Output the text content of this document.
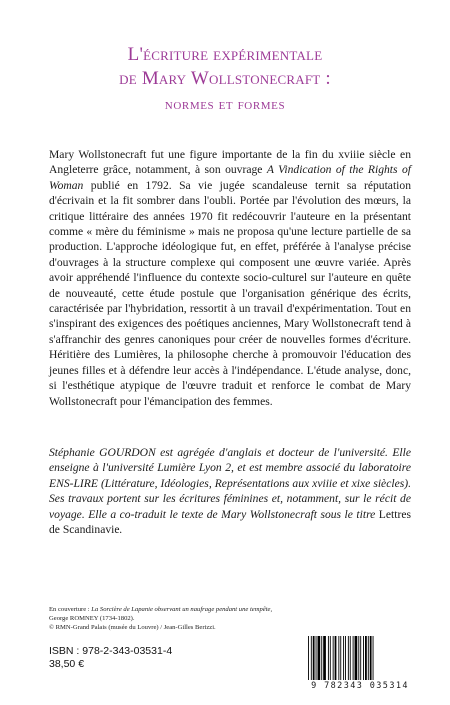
L'écriture expérimentale
de Mary Wollstonecraft :
normes et formes

Mary Wollstonecraft fut une figure importante de la fin du xviiie siècle en Angleterre grâce, notamment, à son ouvrage A Vindication of the Rights of Woman publié en 1792. Sa vie jugée scandaleuse ternit sa réputation d'écrivain et la fit sombrer dans l'oubli. Portée par l'évolution des mœurs, la critique littéraire des années 1970 fit redécouvrir l'auteure en la présentant comme « mère du féminisme » mais ne proposa qu'une lecture partielle de sa production. L'approche idéologique fut, en effet, préférée à l'analyse précise d'ouvrages à la structure complexe qui composent une œuvre variée. Après avoir appréhendé l'influence du contexte socio-culturel sur l'auteure en quête de nouveauté, cette étude postule que l'organisation générique des écrits, caractérisée par l'hybridation, ressortit à un travail d'expérimentation. Tout en s'inspirant des exigences des poétiques anciennes, Mary Wollstonecraft tend à s'affranchir des genres canoniques pour créer de nouvelles formes d'écriture. Héritière des Lumières, la philosophe cherche à promouvoir l'éducation des jeunes filles et à défendre leur accès à l'indépendance. L'étude analyse, donc, si l'esthétique atypique de l'œuvre traduit et renforce le combat de Mary Wollstonecraft pour l'émancipation des femmes.

Stéphanie GOURDON est agrégée d'anglais et docteur de l'université. Elle enseigne à l'université Lumière Lyon 2, et est membre associé du laboratoire ENS-LIRE (Littérature, Idéologies, Représentations aux xviiie et xixe siècles). Ses travaux portent sur les écritures féminines et, notamment, sur le récit de voyage. Elle a co-traduit le texte de Mary Wollstonecraft sous le titre Lettres de Scandinavie.

En couverture : La Sorcière de Lapanie observant un naufrage pendant une tempête, George ROMNEY (1734-1802).
© RMN-Grand Palais (musée du Louvre) / Jean-Gilles Berizzi.

ISBN : 978-2-343-03531-4
38,50 €
9 782343 035314
